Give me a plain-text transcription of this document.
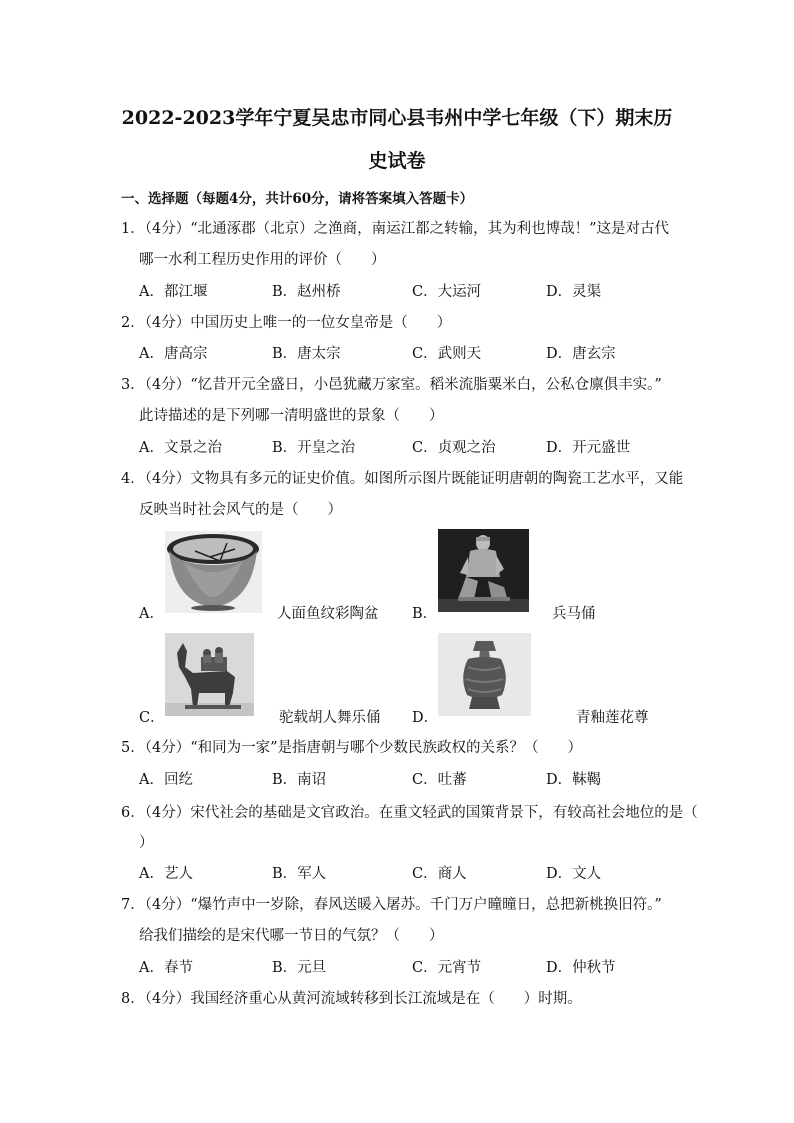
2022-2023学年宁夏吴忠市同心县韦州中学七年级（下）期末历
史试卷
一、选择题（每题4分，共计60分，请将答案填入答题卡）
1．（4分）“北通涿郡（北京）之渔商，南运江都之转输，其为利也博哉！”这是对古代
哪一水利工程历史作用的评价（　　）
A．都江堰	B．赵州桥	C．大运河	D．灵渠
2．（4分）中国历史上唯一的一位女皇帝是（　　）
A．唐高宗	B．唐太宗	C．武则天	D．唐玄宗
3．（4分）“忆昔开元全盛日，小邑犹藏万家室。稻米流脂粟米白，公私仓廪俱丰实。”
此诗描述的是下列哪一清明盛世的景象（　　）
A．文景之治	B．开皇之治	C．贞观之治	D．开元盛世
4．（4分）文物具有多元的证史价值。如图所示图片既能证明唐朝的陶瓷工艺水平，又能
反映当时社会风气的是（　　）
A．	人面鱼纹彩陶盆 B．	兵马俑
C．	驼载胡人舞乐俑 D．	青釉莲花尊
5．（4分）“和同为一家”是指唐朝与哪个少数民族政权的关系？（　　）
A．回纥	B．南诏	C．吐蕃	D．靺鞨
6．（4分）宋代社会的基础是文官政治。在重文轻武的国策背景下，有较高社会地位的是（
）
A．艺人	B．军人	C．商人	D．文人
7．（4分）“爆竹声中一岁除，春风送暖入屠苏。千门万户曈曈日，总把新桃换旧符。”
给我们描绘的是宋代哪一节日的气氛？（　　）
A．春节	B．元旦	C．元宵节	D．仲秋节
8．（4分）我国经济重心从黄河流域转移到长江流域是在（　　）时期。
